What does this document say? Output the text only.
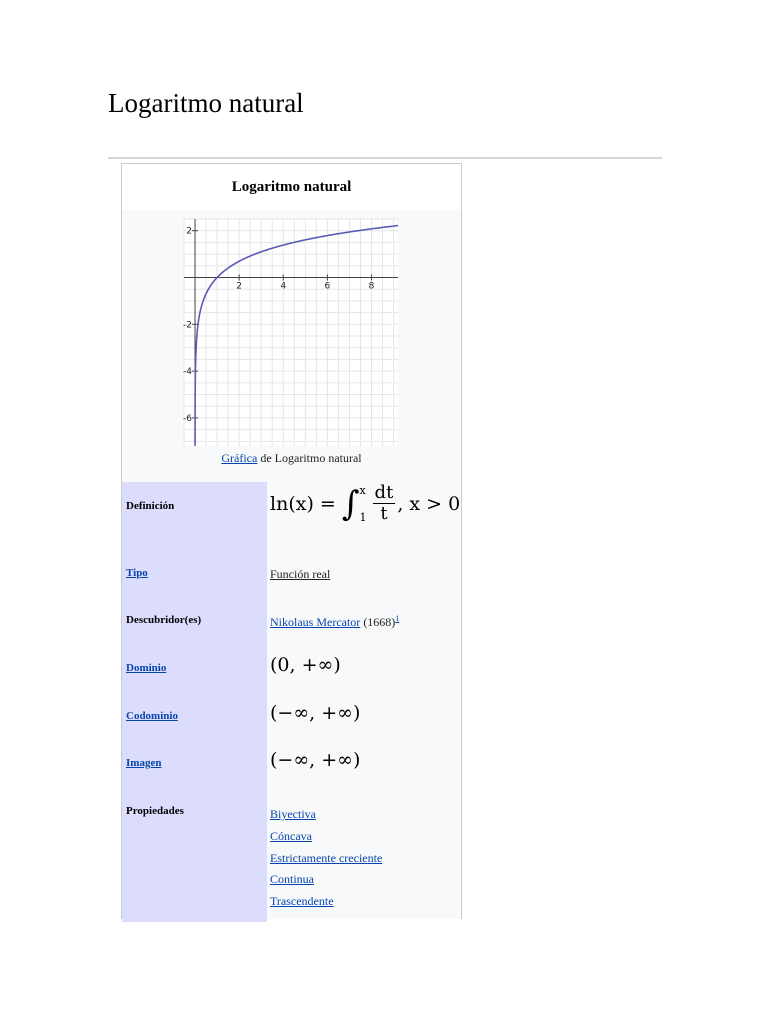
Logaritmo natural
Logaritmo natural
2	4	6	8
2
-2
-4
-6
Gráfica de Logaritmo natural
Definición	ln(x) = ∫ x
$1 \frac{dt}{t}$ , x > 0
Tipo	Función real
Descubridor(es)	Nikolaus Mercator $(1668)^1$
Dominio	(0, +∞)
Codominio	(−∞, +∞)
Imagen	(−∞, +∞)
Propiedades	Biyectiva
Cóncava
Estrictamente creciente
Continua
Trascendente
